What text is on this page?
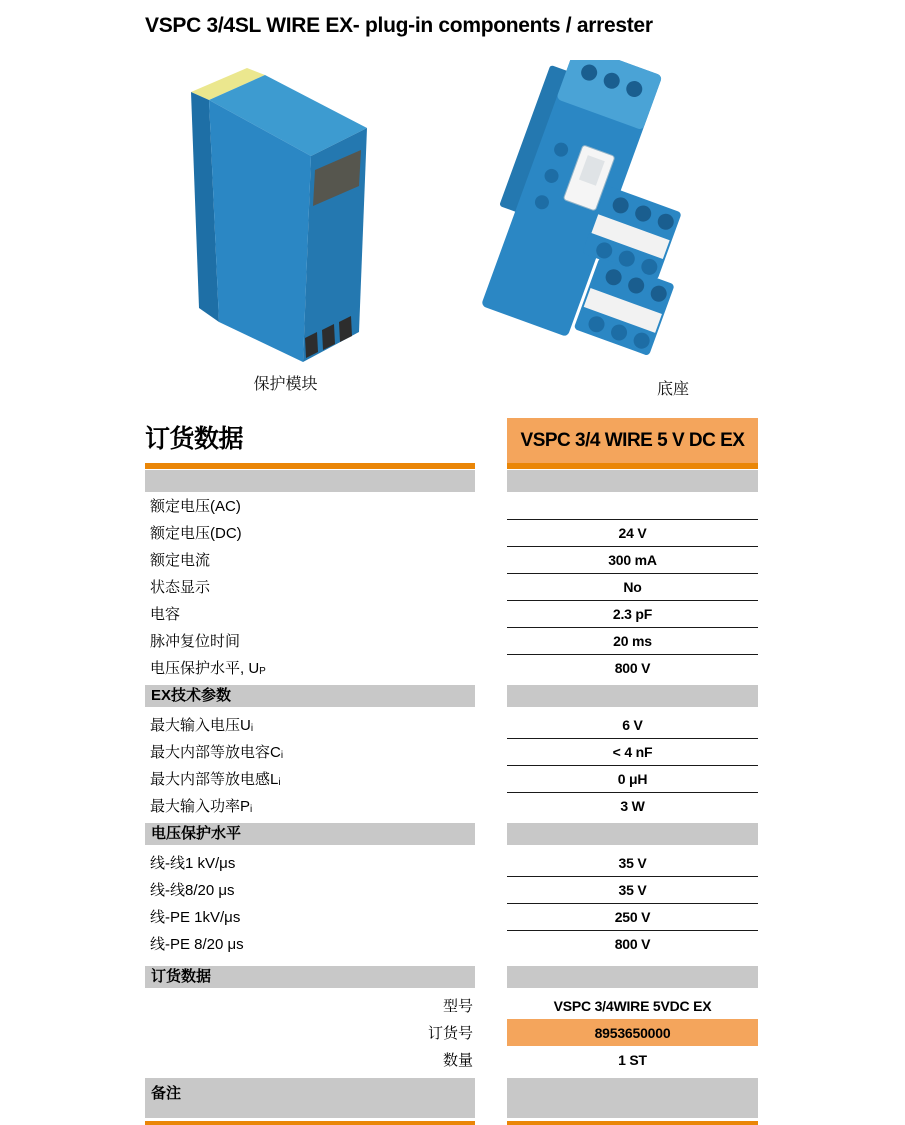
VSPC 3/4SL WIRE EX- plug-in components / arrester
保护模块	底座
订货数据	VSPC 3/4 WIRE 5 V DC EX
额定电压(AC)
额定电压(DC)	24 V
额定电流	300 mA
状态显示	No
电容	2.3 pF
脉冲复位时间	20 ms
电压保护水平, U P	800 V
EX技术参数
最大输入电压U i	6 V
最大内部等放电容C i	< 4 nF
最大内部等放电感L i	0 μH
最大输入功率P i	3 W
电压保护水平
线-线1 kV/μs	35 V
线-线8/20 μs	35 V
线-PE 1kV/μs	250 V
线-PE 8/20 μs	800 V
订货数据
型号	VSPC 3/4WIRE 5VDC EX
订货号	8953650000
数量	1 ST
备注
